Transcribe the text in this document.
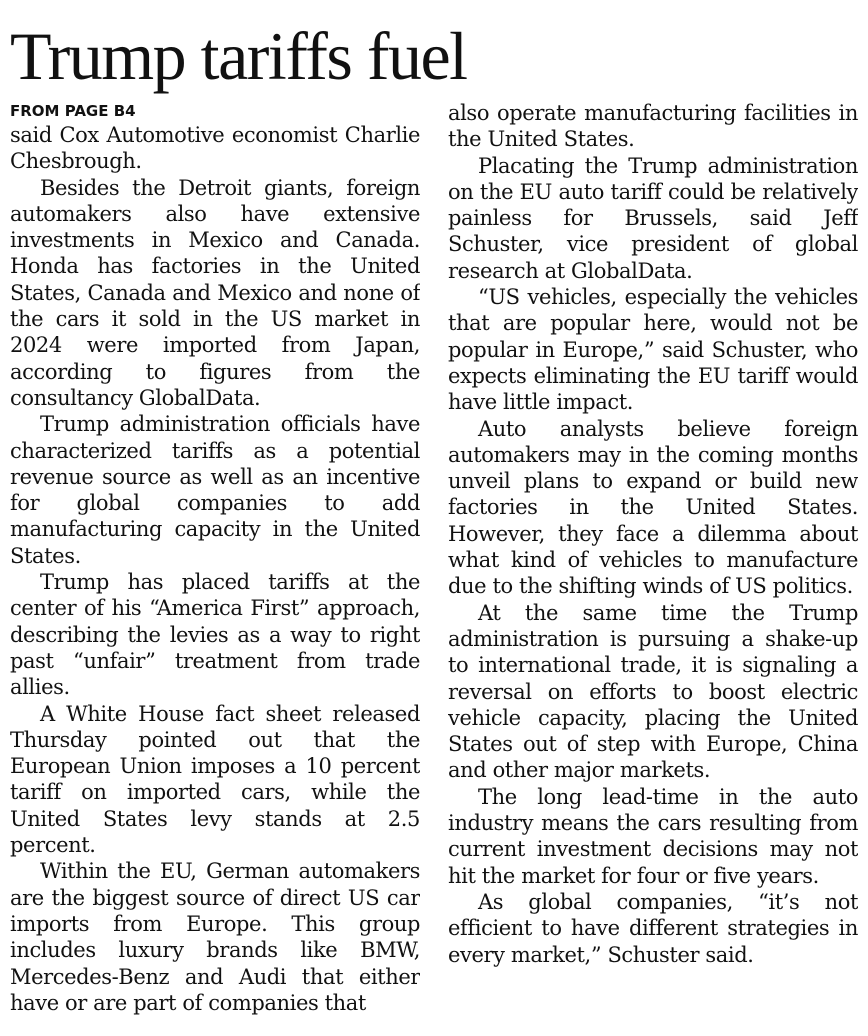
Trump tariffs fuel
FROM PAGE B4

said Cox Automotive economist Charlie Chesbrough.

Besides the Detroit giants, foreign automakers also have extensive investments in Mexico and Canada. Honda has factories in the United States, Canada and Mexico and none of the cars it sold in the US market in 2024 were imported from Japan, according to figures from the consultancy GlobalData.

Trump administration officials have characterized tariffs as a potential revenue source as well as an incentive for global companies to add manufacturing capacity in the United States.

Trump has placed tariffs at the center of his “America First” approach, describing the levies as a way to right past “unfair” treatment from trade allies.

A White House fact sheet released Thursday pointed out that the European Union imposes a 10 percent tariff on imported cars, while the United States levy stands at 2.5 percent.

Within the EU, German automakers are the biggest source of direct US car imports from Europe. This group includes luxury brands like BMW, Mercedes-Benz and Audi that either have or are part of companies that

also operate manufacturing facilities in the United States.

Placating the Trump administration on the EU auto tariff could be relatively painless for Brussels, said Jeff Schuster, vice president of global research at GlobalData.

“US vehicles, especially the vehicles that are popular here, would not be popular in Europe,” said Schuster, who expects eliminating the EU tariff would have little impact.

Auto analysts believe foreign automakers may in the coming months unveil plans to expand or build new factories in the United States. However, they face a dilemma about what kind of vehicles to manufacture due to the shifting winds of US politics.

At the same time the Trump administration is pursuing a shake-up to international trade, it is signaling a reversal on efforts to boost electric vehicle capacity, placing the United States out of step with Europe, China and other major markets.

The long lead-time in the auto industry means the cars resulting from current investment decisions may not hit the market for four or five years.

As global companies, “it’s not efficient to have different strategies in every market,” Schuster said.
